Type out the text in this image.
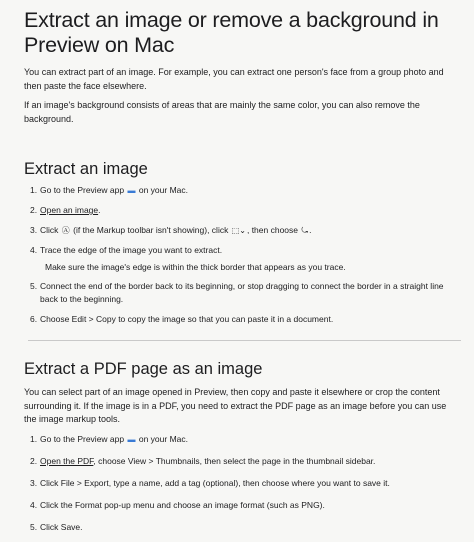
Extract an image or remove a background in Preview on Mac

You can extract part of an image. For example, you can extract one person's face from a group photo and then paste the face elsewhere.

If an image's background consists of areas that are mainly the same color, you can also remove the background.

Extract an image
1. Go to the Preview app ▬ on your Mac.
2. Open an image.
3. Click Ⓐ (if the Markup toolbar isn't showing), click ⬚⌄, then choose ⤿.
4. Trace the edge of the image you want to extract.

Make sure the image's edge is within the thick border that appears as you trace.

5. Connect the end of the border back to its beginning, or stop dragging to connect the border in a straight line back to the beginning.
6. Choose Edit > Copy to copy the image so that you can paste it in a document.
Extract a PDF page as an image

You can select part of an image opened in Preview, then copy and paste it elsewhere or crop the content surrounding it. If the image is in a PDF, you need to extract the PDF page as an image before you can use the image markup tools.

1. Go to the Preview app ▬ on your Mac.
2. Open the PDF, choose View > Thumbnails, then select the page in the thumbnail sidebar.
3. Click File > Export, type a name, add a tag (optional), then choose where you want to save it.
4. Click the Format pop-up menu and choose an image format (such as PNG).
5. Click Save.
